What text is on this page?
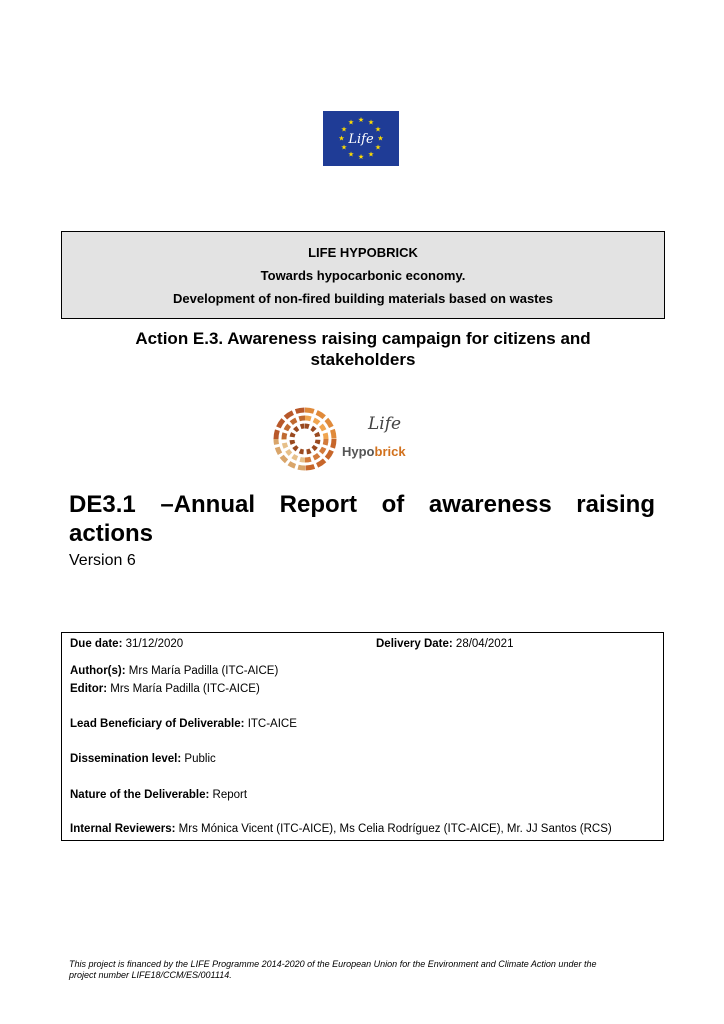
★ ★
★
★
★
★
★
★
★
★
★
★
Life
LIFE HYPOBRICK
Towards hypocarbonic economy.
Development of non-fired building materials based on wastes
Action E.3. Awareness raising campaign for citizens and
stakeholders
Life
Hypobrick
DE3.1 –Annual Report of awareness raising actions
Version 6
Due date: 31/12/2020	Delivery Date: 28/04/2021
Author(s): Mrs María Padilla (ITC-AICE)
Editor: Mrs María Padilla (ITC-AICE)
Lead Beneficiary of Deliverable: ITC-AICE
Dissemination level: Public
Nature of the Deliverable: Report
Internal Reviewers: Mrs Mónica Vicent (ITC-AICE), Ms Celia Rodríguez (ITC-AICE), Mr. JJ Santos (RCS)
This project is financed by the LIFE Programme 2014-2020 of the European Union for the Environment and Climate Action under the
project number LIFE18/CCM/ES/001114.
